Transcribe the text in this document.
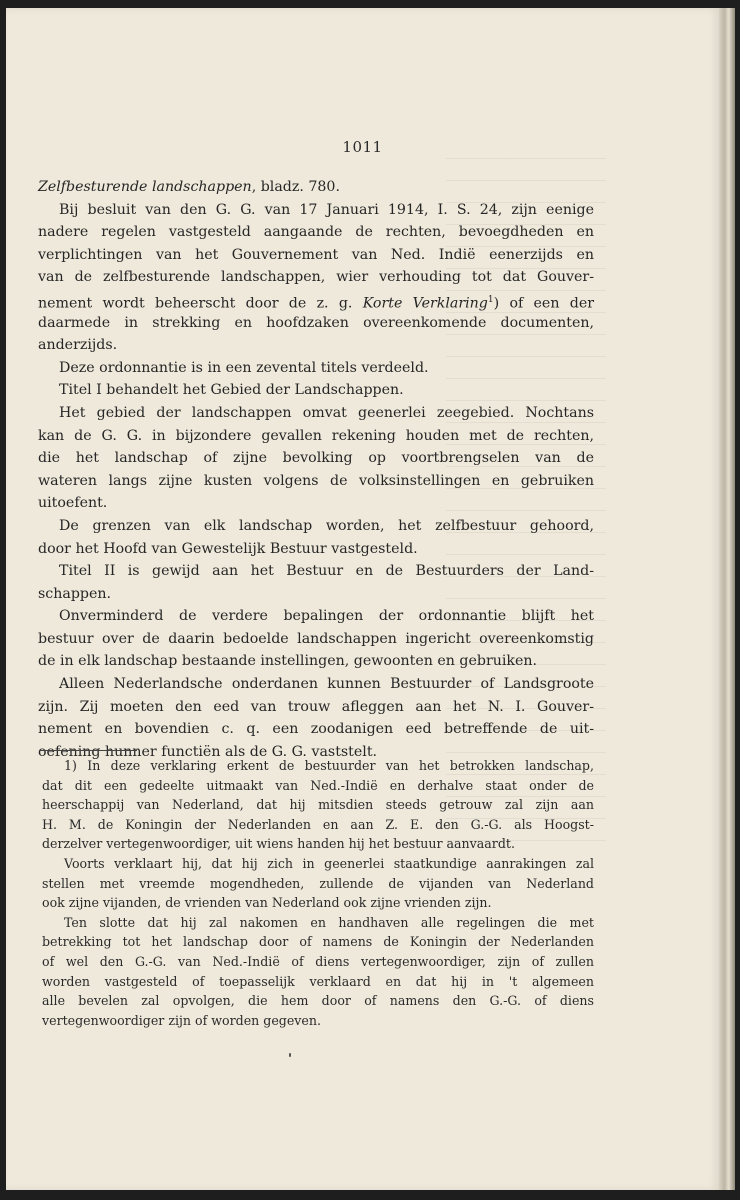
1011
Zelfbesturende landschappen, bladz. 780.
Bij besluit van den G. G. van 17 Januari 1914, I. S. 24, zijn eenige
nadere regelen vastgesteld aangaande de rechten, bevoegdheden en
verplichtingen van het Gouvernement van Ned. Indië eenerzijds en
van de zelfbesturende landschappen, wier verhouding tot dat Gouver-
nement wordt beheerscht door de z. g. Korte Verklaring$^1$) of een der
daarmede in strekking en hoofdzaken overeenkomende documenten,
anderzijds.
Deze ordonnantie is in een zevental titels verdeeld.
Titel I behandelt het Gebied der Landschappen.
Het gebied der landschappen omvat geenerlei zeegebied. Nochtans
kan de G. G. in bijzondere gevallen rekening houden met de rechten,
die het landschap of zijne bevolking op voortbrengselen van de
wateren langs zijne kusten volgens de volksinstellingen en gebruiken
uitoefent.
De grenzen van elk landschap worden, het zelfbestuur gehoord,
door het Hoofd van Gewestelijk Bestuur vastgesteld.
Titel II is gewijd aan het Bestuur en de Bestuurders der Land-
schappen.
Onverminderd de verdere bepalingen der ordonnantie blijft het
bestuur over de daarin bedoelde landschappen ingericht overeenkomstig
de in elk landschap bestaande instellingen, gewoonten en gebruiken.
Alleen Nederlandsche onderdanen kunnen Bestuurder of Landsgroote
zijn. Zij moeten den eed van trouw afleggen aan het N. I. Gouver-
nement en bovendien c. q. een zoodanigen eed betreffende de uit-
oefening hunner functiën als de G. G. vaststelt.
1) In deze verklaring erkent de bestuurder van het betrokken landschap,
dat dit een gedeelte uitmaakt van Ned.-Indië en derhalve staat onder de
heerschappij van Nederland, dat hij mitsdien steeds getrouw zal zijn aan
H. M. de Koningin der Nederlanden en aan Z. E. den G.-G. als Hoogst-
derzelver vertegenwoordiger, uit wiens handen hij het bestuur aanvaardt.
Voorts verklaart hij, dat hij zich in geenerlei staatkundige aanrakingen zal
stellen met vreemde mogendheden, zullende de vijanden van Nederland
ook zijne vijanden, de vrienden van Nederland ook zijne vrienden zijn.
Ten slotte dat hij zal nakomen en handhaven alle regelingen die met
betrekking tot het landschap door of namens de Koningin der Nederlanden
of wel den G.-G. van Ned.-Indië of diens vertegenwoordiger, zijn of zullen
worden vastgesteld of toepasselijk verklaard en dat hij in 't algemeen
alle bevelen zal opvolgen, die hem door of namens den G.-G. of diens
vertegenwoordiger zijn of worden gegeven.
